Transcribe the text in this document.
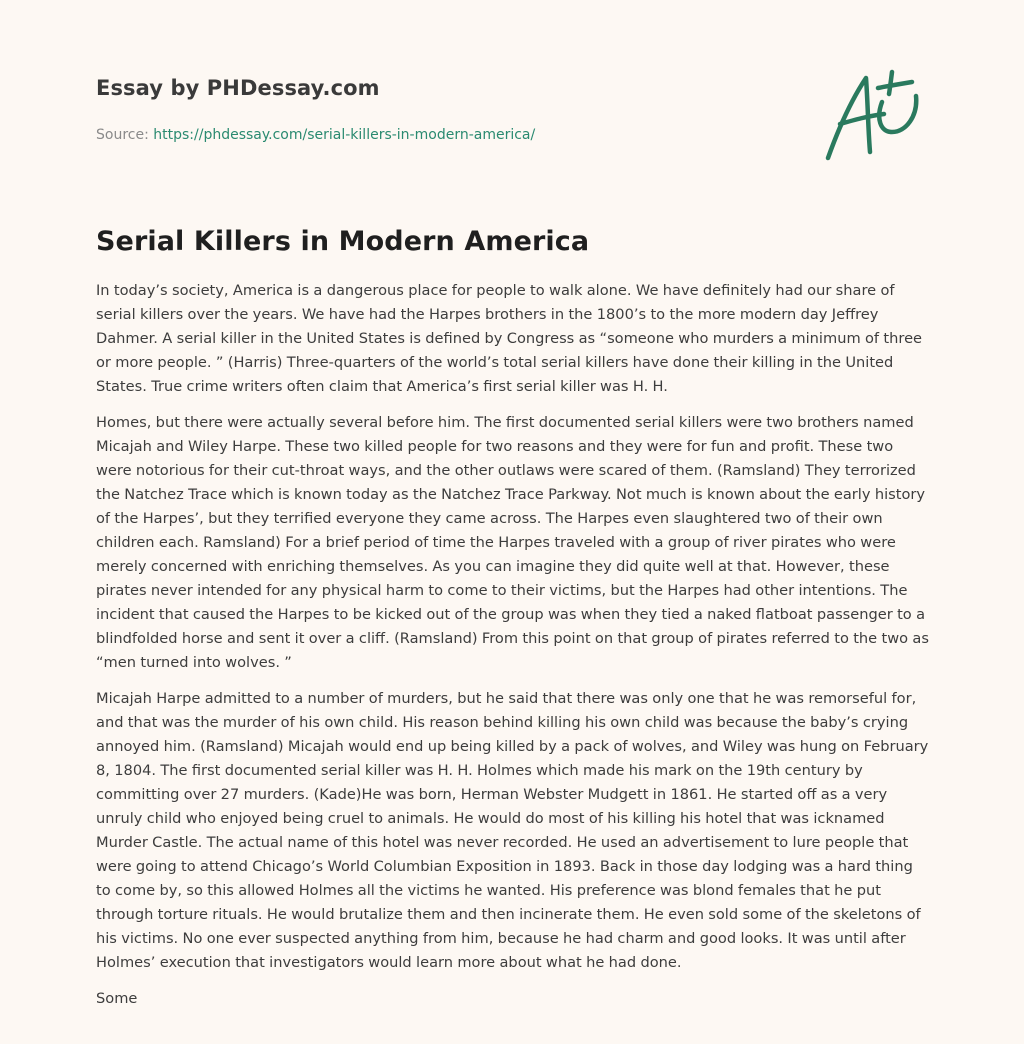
Essay by PHDessay.com
Source: https://phdessay.com/serial-killers-in-modern-america/
Serial Killers in Modern America

In today’s society, America is a dangerous place for people to walk alone. We have definitely had our share of serial killers over the years. We have had the Harpes brothers in the 1800’s to the more modern day Jeffrey Dahmer. A serial killer in the United States is defined by Congress as “someone who murders a minimum of three or more people. ” (Harris) Three-quarters of the world’s total serial killers have done their killing in the United States. True crime writers often claim that America’s first serial killer was H. H.

Homes, but there were actually several before him. The first documented serial killers were two brothers named Micajah and Wiley Harpe. These two killed people for two reasons and they were for fun and profit. These two were notorious for their cut-throat ways, and the other outlaws were scared of them. (Ramsland) They terrorized the Natchez Trace which is known today as the Natchez Trace Parkway. Not much is known about the early history of the Harpes’, but they terrified everyone they came across. The Harpes even slaughtered two of their own children each. Ramsland) For a brief period of time the Harpes traveled with a group of river pirates who were merely concerned with enriching themselves. As you can imagine they did quite well at that. However, these pirates never intended for any physical harm to come to their victims, but the Harpes had other intentions. The incident that caused the Harpes to be kicked out of the group was when they tied a naked flatboat passenger to a blindfolded horse and sent it over a cliff. (Ramsland) From this point on that group of pirates referred to the two as “men turned into wolves. ”

Micajah Harpe admitted to a number of murders, but he said that there was only one that he was remorseful for, and that was the murder of his own child. His reason behind killing his own child was because the baby’s crying annoyed him. (Ramsland) Micajah would end up being killed by a pack of wolves, and Wiley was hung on February 8, 1804. The first documented serial killer was H. H. Holmes which made his mark on the 19th century by committing over 27 murders. (Kade)He was born, Herman Webster Mudgett in 1861. He started off as a very unruly child who enjoyed being cruel to animals. He would do most of his killing his hotel that was icknamed Murder Castle. The actual name of this hotel was never recorded. He used an advertisement to lure people that were going to attend Chicago’s World Columbian Exposition in 1893. Back in those day lodging was a hard thing to come by, so this allowed Holmes all the victims he wanted. His preference was blond females that he put through torture rituals. He would brutalize them and then incinerate them. He even sold some of the skeletons of his victims. No one ever suspected anything from him, because he had charm and good looks. It was until after Holmes’ execution that investigators would learn more about what he had done.

Some
